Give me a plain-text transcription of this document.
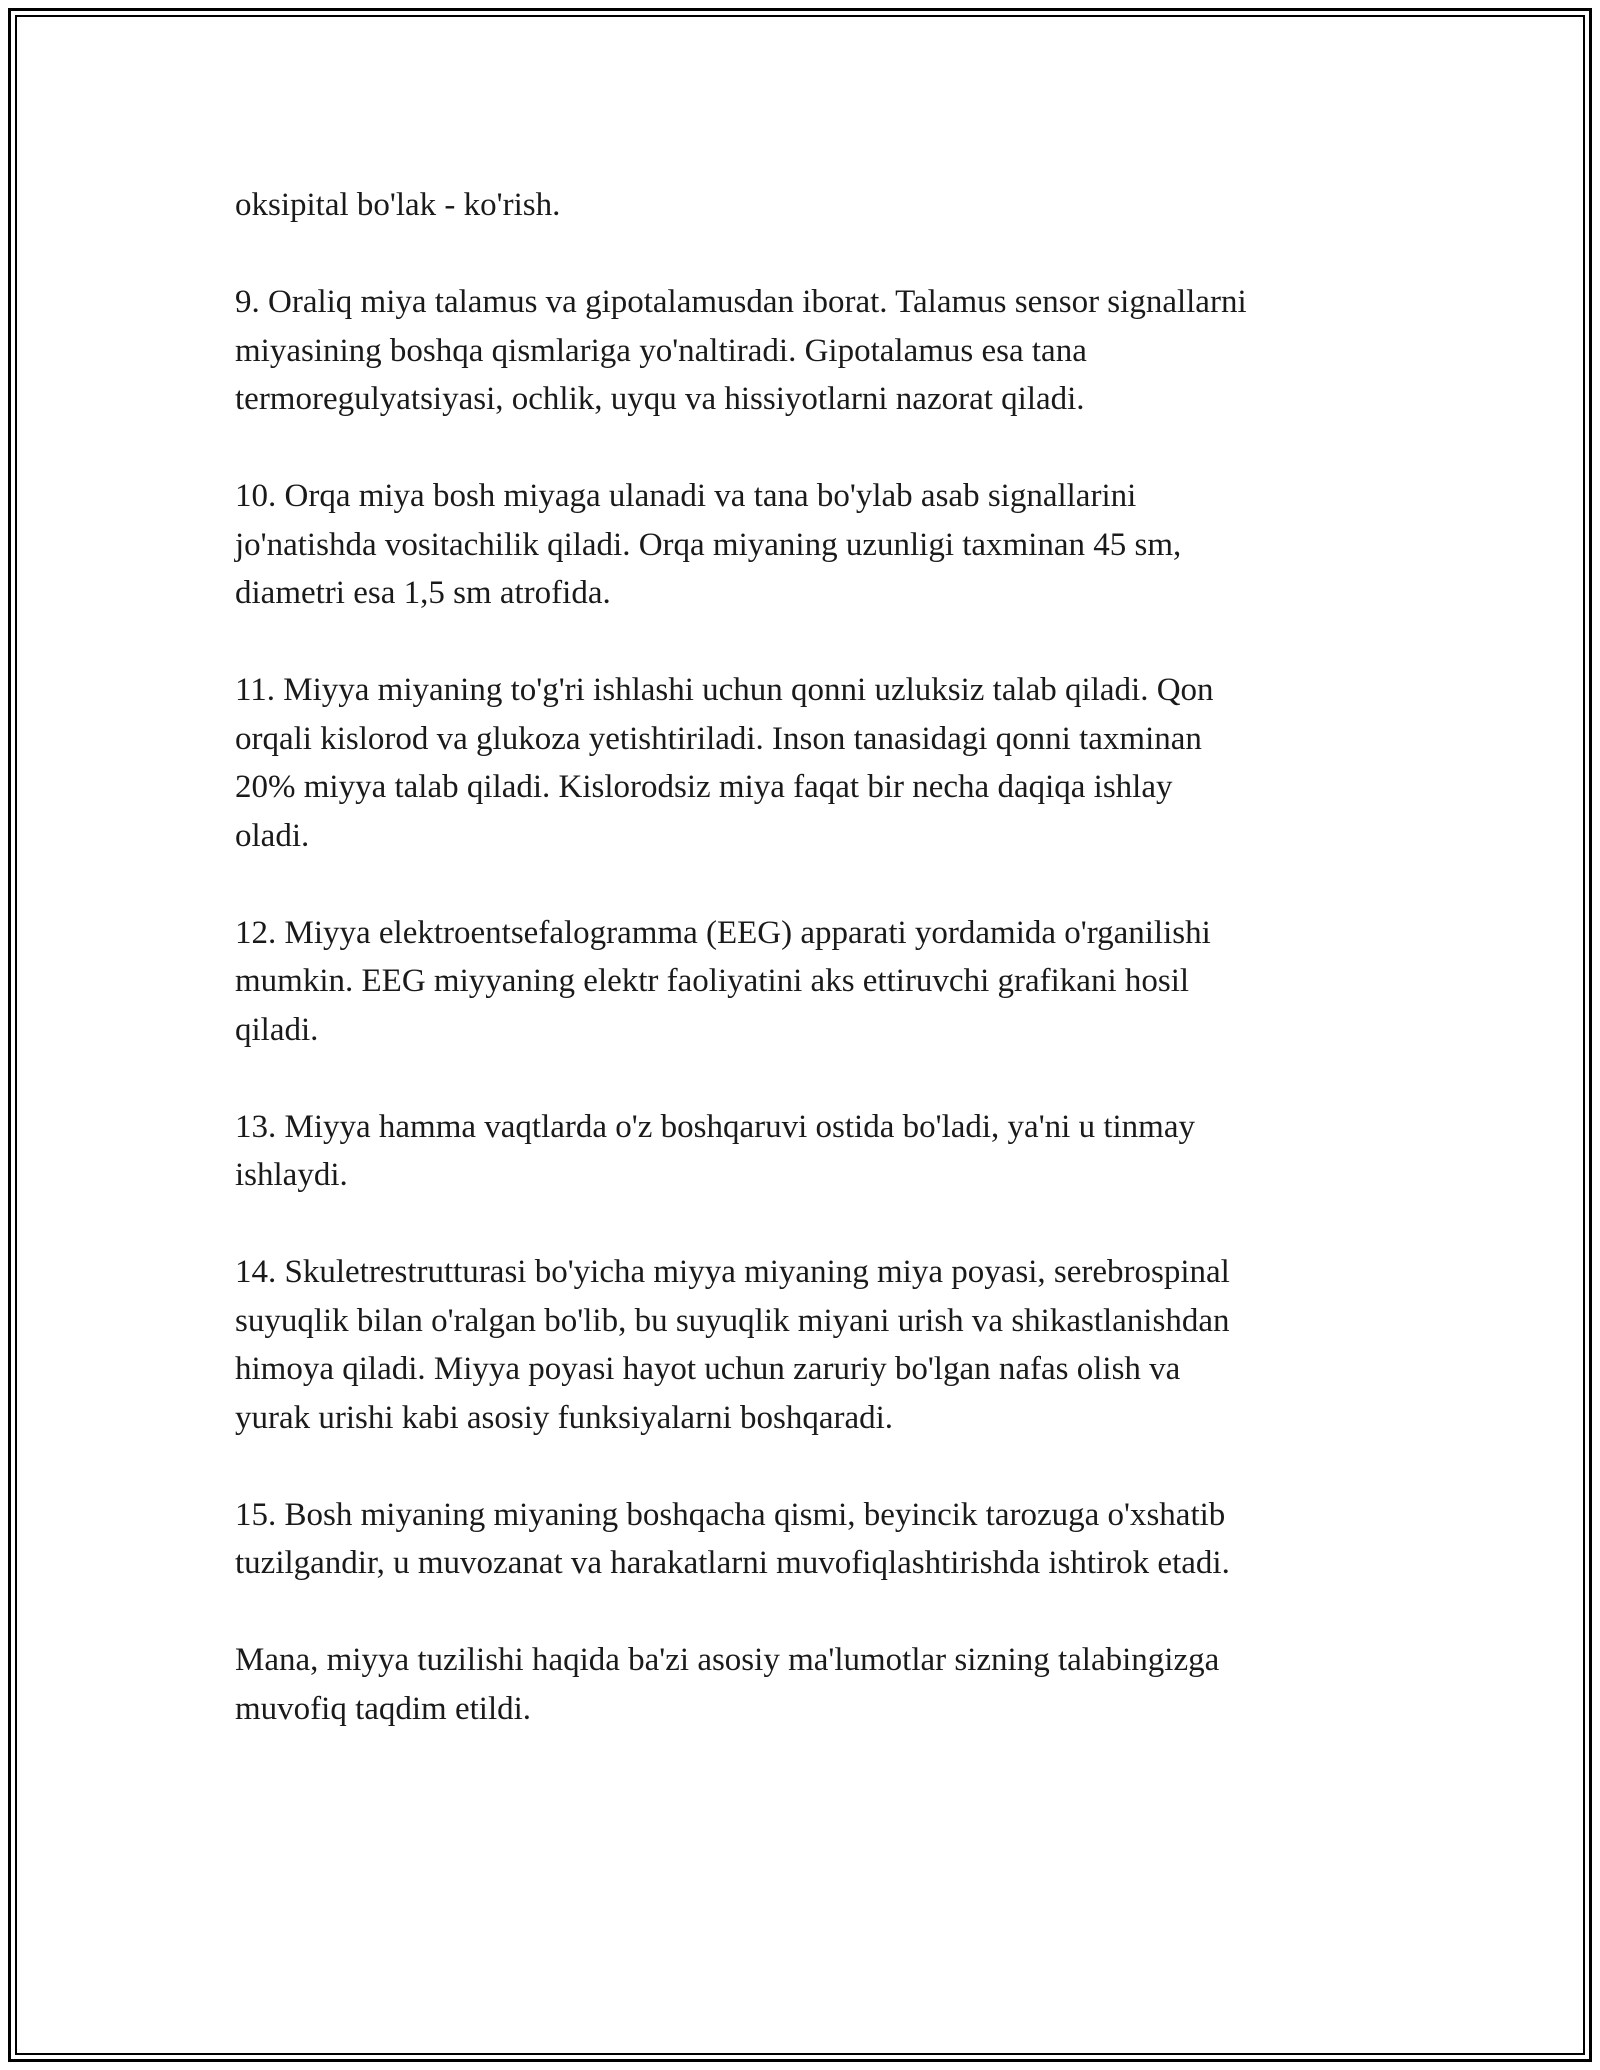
oksipital bo'lak - ko'rish.

9. Oraliq miya talamus va gipotalamusdan iborat. Talamus sensor signallarni
miyasining boshqa qismlariga yo'naltiradi. Gipotalamus esa tana
termoregulyatsiyasi, ochlik, uyqu va hissiyotlarni nazorat qiladi.

10. Orqa miya bosh miyaga ulanadi va tana bo'ylab asab signallarini
jo'natishda vositachilik qiladi. Orqa miyaning uzunligi taxminan 45 sm,
diametri esa 1,5 sm atrofida.

11. Miyya miyaning to'g'ri ishlashi uchun qonni uzluksiz talab qiladi. Qon
orqali kislorod va glukoza yetishtiriladi. Inson tanasidagi qonni taxminan
20% miyya talab qiladi. Kislorodsiz miya faqat bir necha daqiqa ishlay
oladi.

12. Miyya elektroentsefalogramma (EEG) apparati yordamida o'rganilishi
mumkin. EEG miyyaning elektr faoliyatini aks ettiruvchi grafikani hosil
qiladi.

13. Miyya hamma vaqtlarda o'z boshqaruvi ostida bo'ladi, ya'ni u tinmay
ishlaydi.

14. Skuletrestrutturasi bo'yicha miyya miyaning miya poyasi, serebrospinal
suyuqlik bilan o'ralgan bo'lib, bu suyuqlik miyani urish va shikastlanishdan
himoya qiladi. Miyya poyasi hayot uchun zaruriy bo'lgan nafas olish va
yurak urishi kabi asosiy funksiyalarni boshqaradi.

15. Bosh miyaning miyaning boshqacha qismi, beyincik tarozuga o'xshatib
tuzilgandir, u muvozanat va harakatlarni muvofiqlashtirishda ishtirok etadi.

Mana, miyya tuzilishi haqida ba'zi asosiy ma'lumotlar sizning talabingizga
muvofiq taqdim etildi.
